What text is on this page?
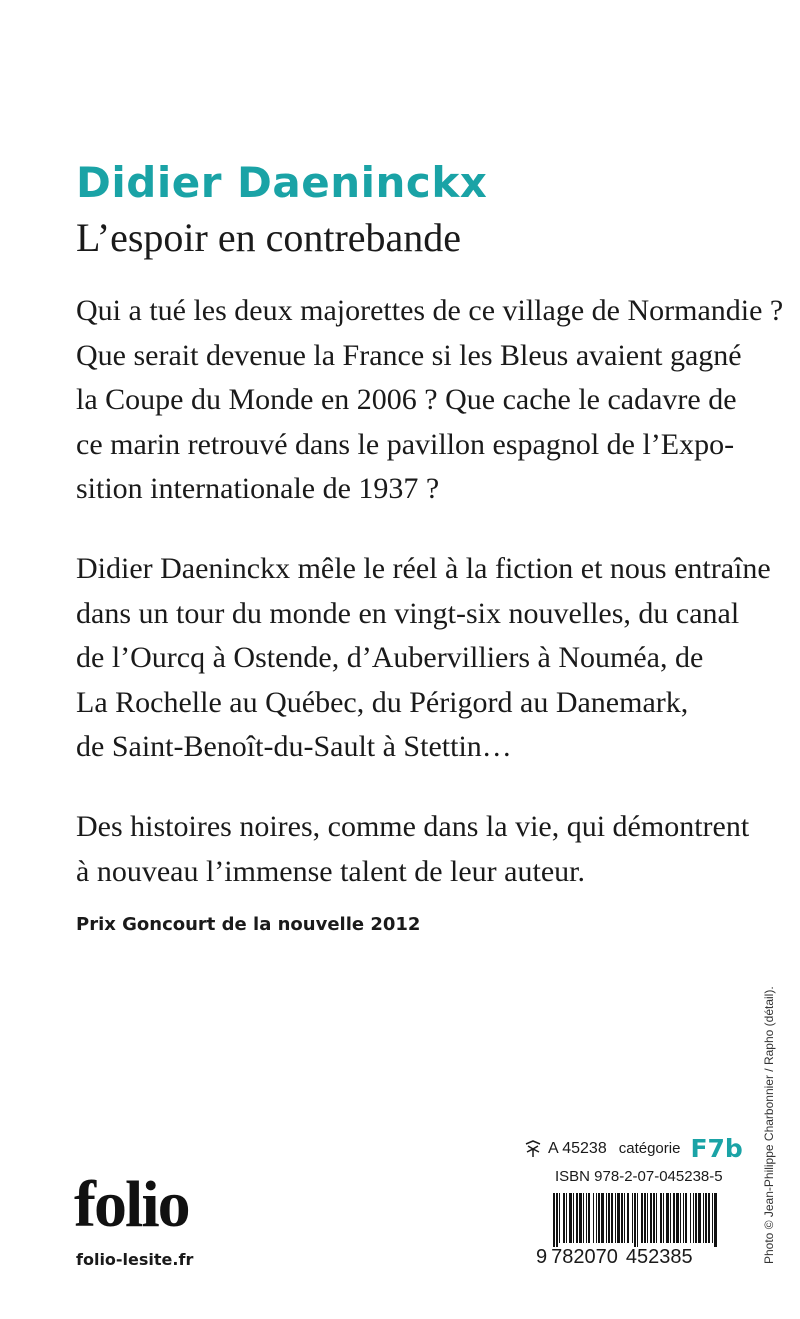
Didier Daeninckx
L’espoir en contrebande

Qui a tué les deux majorettes de ce village de Normandie ?
Que serait devenue la France si les Bleus avaient gagné
la Coupe du Monde en 2006 ? Que cache le cadavre de
ce marin retrouvé dans le pavillon espagnol de l’Expo-
sition internationale de 1937 ?

Didier Daeninckx mêle le réel à la fiction et nous entraîne
dans un tour du monde en vingt-six nouvelles, du canal
de l’Ourcq à Ostende, d’Aubervilliers à Nouméa, de
La Rochelle au Québec, du Périgord au Danemark,
de Saint-Benoît-du-Sault à Stettin…

Des histoires noires, comme dans la vie, qui démontrent
à nouveau l’immense talent de leur auteur.

Prix Goncourt de la nouvelle 2012

Photo © Jean-Philippe Charbonnier / Rapho (détail).
folio
folio-lesite.fr
A 45238 catégorie F7b
ISBN 978-2-07-045238-5
9 782070 452385
